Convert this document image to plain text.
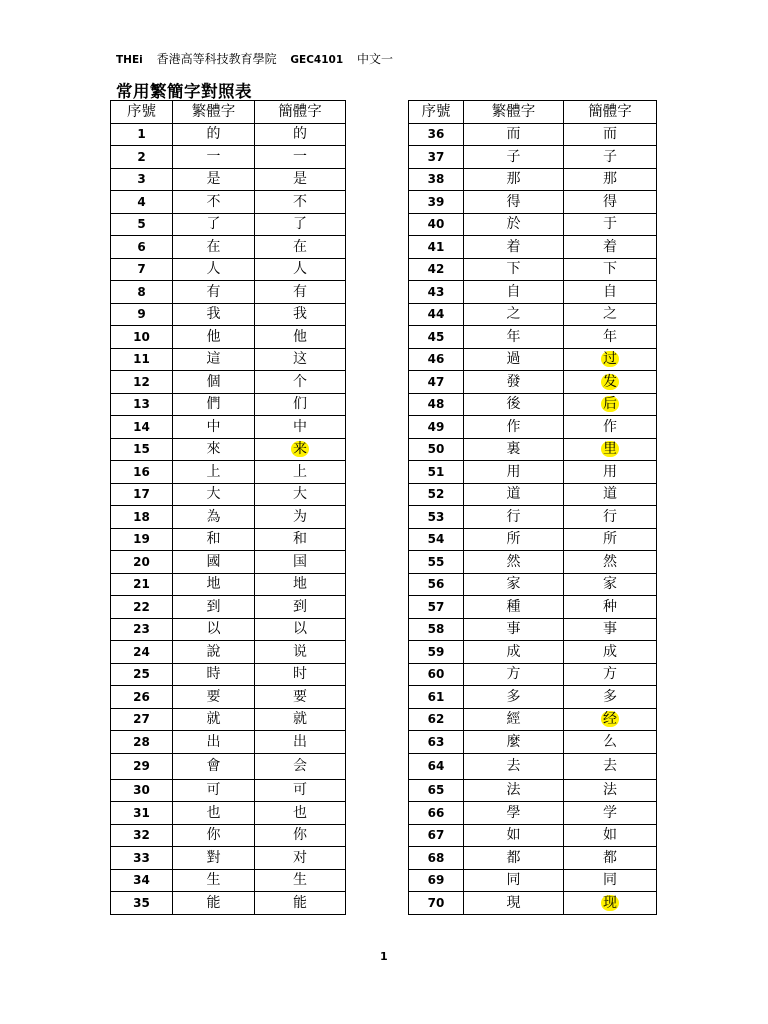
THEi 香港高等科技教育學院 GEC4101 中文一
常用繁簡字對照表
序號	繁體字	簡體字
1	的	的
2	一	一
3	是	是
4	不	不
5	了	了
6	在	在
7	人	人
8	有	有
9	我	我
10	他	他
11	這	这
12	個	个
13	們	们
14	中	中
15	來	来
16	上	上
17	大	大
18	為	为
19	和	和
20	國	国
21	地	地
22	到	到
23	以	以
24	說	说
25	時	时
26	要	要
27	就	就
28	出	出
29	會	会
30	可	可
31	也	也
32	你	你
33	對	对
34	生	生
35	能	能
序號	繁體字	簡體字
36	而	而
37	子	子
38	那	那
39	得	得
40	於	于
41	着	着
42	下	下
43	自	自
44	之	之
45	年	年
46	過	过
47	發	发
48	後	后
49	作	作
50	裏	里
51	用	用
52	道	道
53	行	行
54	所	所
55	然	然
56	家	家
57	種	种
58	事	事
59	成	成
60	方	方
61	多	多
62	經	经
63	麼	么
64	去	去
65	法	法
66	學	学
67	如	如
68	都	都
69	同	同
70	現	现
1
